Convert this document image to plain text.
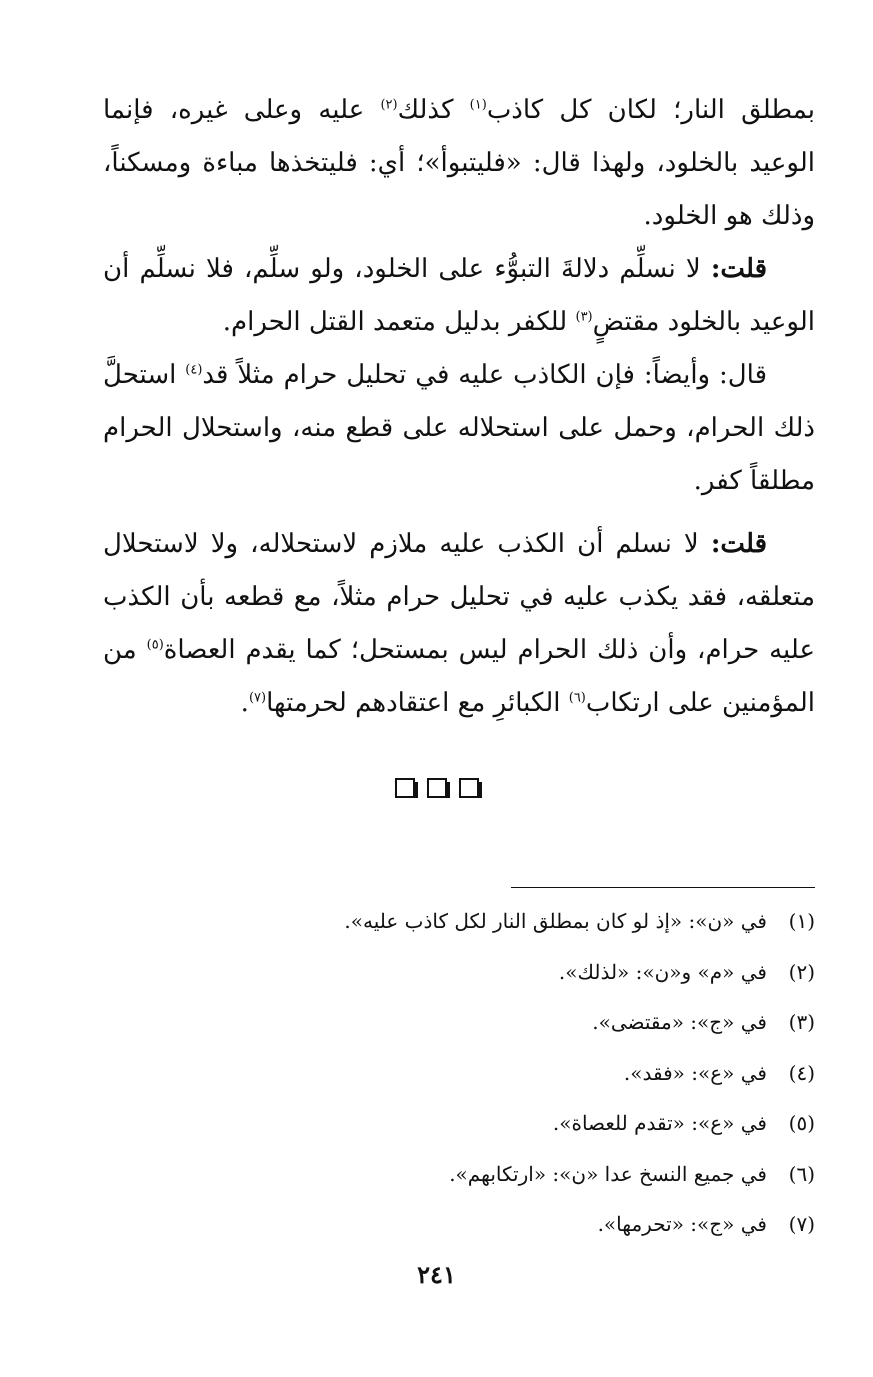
بمطلق النار؛ لكان كل كاذب$^{(١)}$ كذلك$^{(٢)}$ عليه وعلى غيره، فإنما الوعيد بالخلود، ولهذا قال: «فليتبوأ»؛ أي: فليتخذها مباءة ومسكناً، وذلك هو الخلود.

قلت: لا نسلِّم دلالةَ التبوُّء على الخلود، ولو سلِّم، فلا نسلِّم أن الوعيد بالخلود مقتضٍ$^{(٣)}$ للكفر بدليل متعمد القتل الحرام.

قال: وأيضاً: فإن الكاذب عليه في تحليل حرام مثلاً قد$^{(٤)}$ استحلَّ ذلك الحرام، وحمل على استحلاله على قطع منه، واستحلال الحرام مطلقاً كفر.

قلت: لا نسلم أن الكذب عليه ملازم لاستحلاله، ولا لاستحلال متعلقه، فقد يكذب عليه في تحليل حرام مثلاً، مع قطعه بأن الكذب عليه حرام، وأن ذلك الحرام ليس بمستحل؛ كما يقدم العصاة$^{(٥)}$ من المؤمنين على ارتكاب$^{(٦)}$ الكبائرِ مع اعتقادهم لحرمتها$^{(٧)}$.

(١)في «ن»: «إذ لو كان بمطلق النار لكل كاذب عليه».
(٢)في «م» و«ن»: «لذلك».
(٣)في «ج»: «مقتضى».
(٤)في «ع»: «فقد».
(٥)في «ع»: «تقدم للعصاة».
(٦)في جميع النسخ عدا «ن»: «ارتكابهم».
(٧)في «ج»: «تحرمها».
٢٤١
